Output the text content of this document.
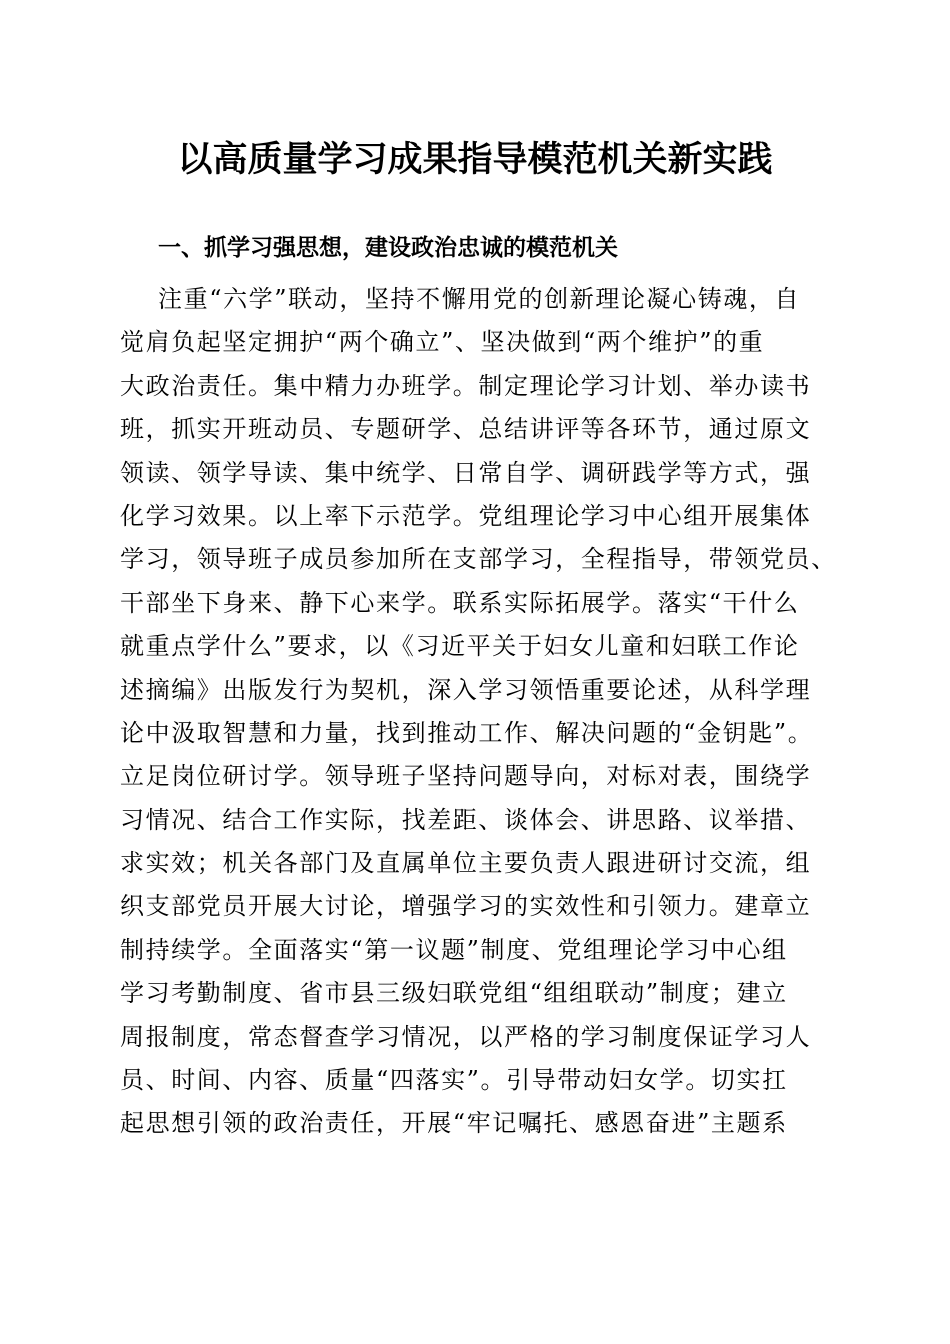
以高质量学习成果指导模范机关新实践
一、抓学习强思想，建设政治忠诚的模范机关
注重“六学”联动，坚持不懈用党的创新理论凝心铸魂，自
觉肩负起坚定拥护“两个确立”、坚决做到“两个维护”的重
大政治责任。集中精力办班学。制定理论学习计划、举办读书
班，抓实开班动员、专题研学、总结讲评等各环节，通过原文
领读、领学导读、集中统学、日常自学、调研践学等方式，强
化学习效果。以上率下示范学。党组理论学习中心组开展集体
学习，领导班子成员参加所在支部学习，全程指导，带领党员、
干部坐下身来、静下心来学。联系实际拓展学。落实“干什么
就重点学什么”要求，以《习近平关于妇女儿童和妇联工作论
述摘编》出版发行为契机，深入学习领悟重要论述，从科学理
论中汲取智慧和力量，找到推动工作、解决问题的“金钥匙”。
立足岗位研讨学。领导班子坚持问题导向，对标对表，围绕学
习情况、结合工作实际，找差距、谈体会、讲思路、议举措、
求实效；机关各部门及直属单位主要负责人跟进研讨交流，组
织支部党员开展大讨论，增强学习的实效性和引领力。建章立
制持续学。全面落实“第一议题”制度、党组理论学习中心组
学习考勤制度、省市县三级妇联党组“组组联动”制度；建立
周报制度，常态督查学习情况，以严格的学习制度保证学习人
员、时间、内容、质量“四落实”。引导带动妇女学。切实扛
起思想引领的政治责任，开展“牢记嘱托、感恩奋进”主题系
